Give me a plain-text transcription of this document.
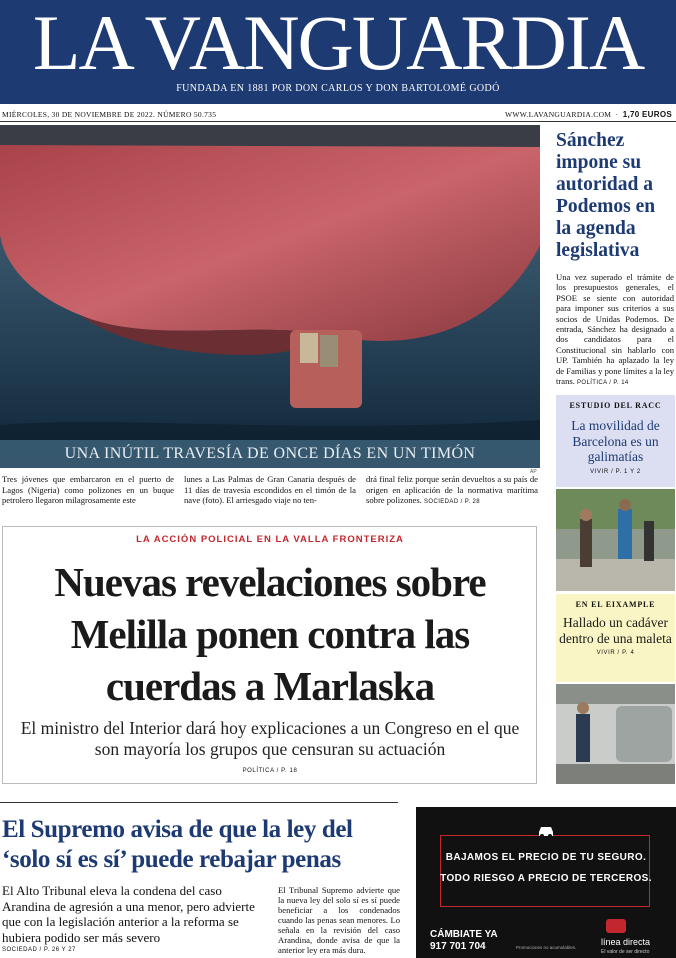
LA VANGUARDIA
FUNDADA EN 1881 POR DON CARLOS Y DON BARTOLOMÉ GODÓ
MIÉRCOLES, 30 DE NOVIEMBRE DE 2022. NÚMERO 50.735	WWW.LAVANGUARDIA.COM  ·  1,70 EUROS
UNA INÚTIL TRAVESÍA DE ONCE DÍAS EN UN TIMÓN
AP

Tres jóvenes que embarcaron en el puerto de Lagos (Nigeria) como polizones en un buque petrolero llegaron milagrosamente este

lunes a Las Palmas de Gran Canaria después de 11 días de travesía escondidos en el timón de la nave (foto). El arriesgado viaje no ten-

drá final feliz porque serán devueltos a su país de origen en aplicación de la normativa marítima sobre polizones. SOCIEDAD / P. 28

Sánchez impone su autoridad a Podemos en la agenda legislativa
Una vez superado el trámite de los presupuestos generales, el PSOE se siente con autoridad para imponer sus criterios a sus socios de Unidas Podemos. De entrada, Sánchez ha designado a dos candidatos para el Constitucional sin hablarlo con UP. También ha aplazado la ley de Familias y pone límites a la ley trans. POLÍTICA / P. 14
ESTUDIO DEL RACC
La movilidad de Barcelona es un galimatías
VIVIR / P. 1 Y 2
EN EL EIXAMPLE
Hallado un cadáver dentro de una maleta
VIVIR / P. 4
LA ACCIÓN POLICIAL EN LA VALLA FRONTERIZA
Nuevas revelaciones sobre Melilla ponen contra las cuerdas a Marlaska
El ministro del Interior dará hoy explicaciones a un Congreso en el que son mayoría los grupos que censuran su actuación
POLÍTICA / P. 18
El Supremo avisa de que la ley del ‘solo sí es sí’ puede rebajar penas
El Alto Tribunal eleva la condena del caso Arandina de agresión a una menor, pero advierte que con la legislación anterior a la reforma se hubiera podido ser más severo
El Tribunal Supremo advierte que la nueva ley del solo sí es sí puede beneficiar a los condenados cuando las penas sean menores. Lo señala en la revisión del caso Arandina, donde avisa de que la anterior ley era más dura.
SOCIEDAD / P. 26 Y 27
BAJAMOS EL PRECIO DE TU SEGURO.
TODO RIESGO A PRECIO DE TERCEROS.
CÁMBIATE YA
917 701 704	Promociones no acumulables.
línea directa
El valor de ser directo
